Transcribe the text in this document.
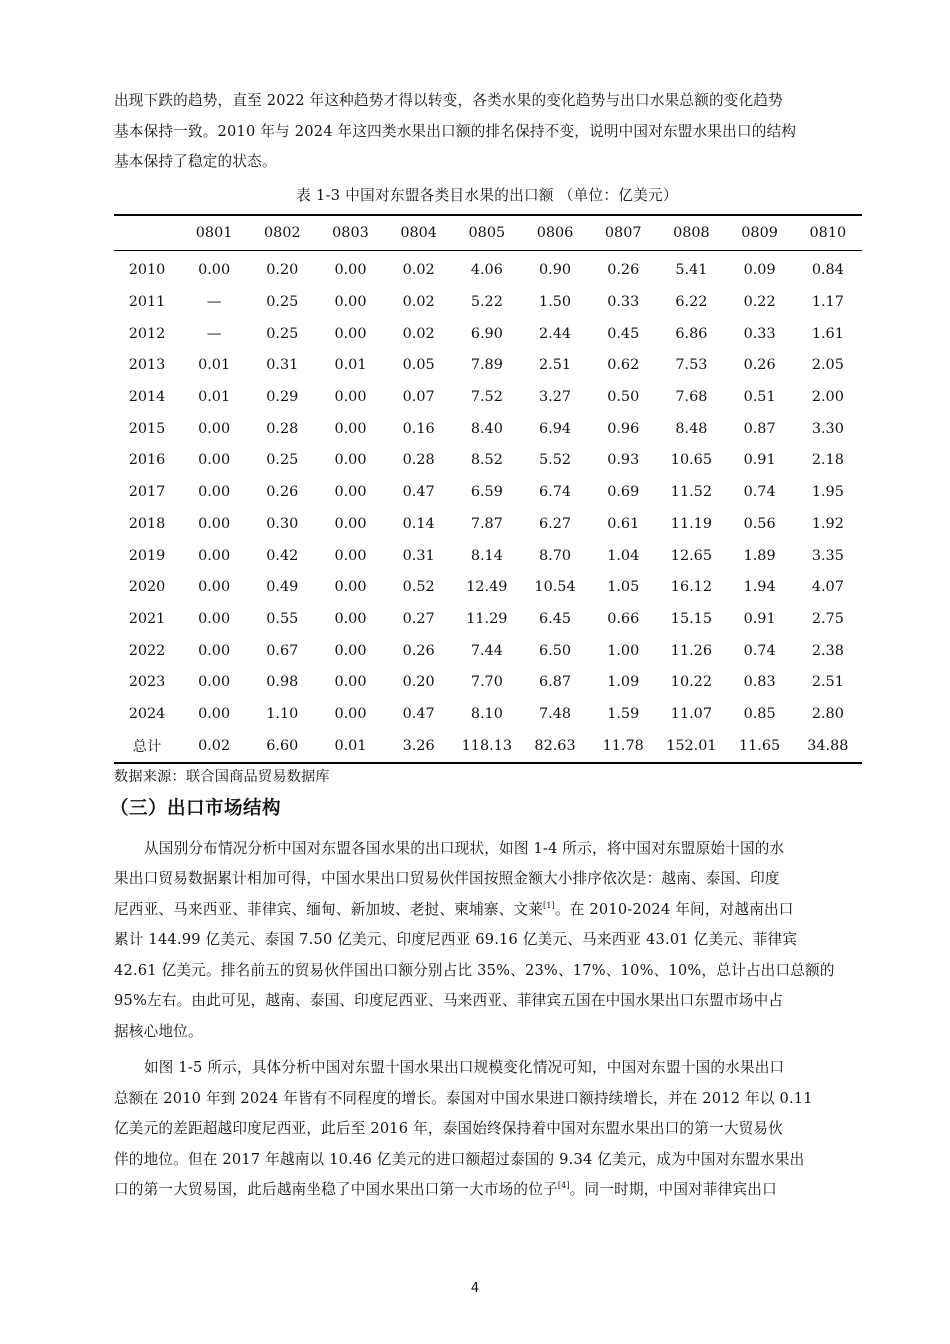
出现下跌的趋势，直至 2022 年这种趋势才得以转变，各类水果的变化趋势与出口水果总额的变化趋势

基本保持一致。2010 年与 2024 年这四类水果出口额的排名保持不变，说明中国对东盟水果出口的结构

基本保持了稳定的状态。

表 1-3 中国对东盟各类目水果的出口额 （单位：亿美元）
	0801	0802	0803	0804	0805	0806	0807	0808	0809	0810
2010	0.00	0.20	0.00	0.02	4.06	0.90	0.26	5.41	0.09	0.84
2011	—	0.25	0.00	0.02	5.22	1.50	0.33	6.22	0.22	1.17
2012	—	0.25	0.00	0.02	6.90	2.44	0.45	6.86	0.33	1.61
2013	0.01	0.31	0.01	0.05	7.89	2.51	0.62	7.53	0.26	2.05
2014	0.01	0.29	0.00	0.07	7.52	3.27	0.50	7.68	0.51	2.00
2015	0.00	0.28	0.00	0.16	8.40	6.94	0.96	8.48	0.87	3.30
2016	0.00	0.25	0.00	0.28	8.52	5.52	0.93	10.65	0.91	2.18
2017	0.00	0.26	0.00	0.47	6.59	6.74	0.69	11.52	0.74	1.95
2018	0.00	0.30	0.00	0.14	7.87	6.27	0.61	11.19	0.56	1.92
2019	0.00	0.42	0.00	0.31	8.14	8.70	1.04	12.65	1.89	3.35
2020	0.00	0.49	0.00	0.52	12.49	10.54	1.05	16.12	1.94	4.07
2021	0.00	0.55	0.00	0.27	11.29	6.45	0.66	15.15	0.91	2.75
2022	0.00	0.67	0.00	0.26	7.44	6.50	1.00	11.26	0.74	2.38
2023	0.00	0.98	0.00	0.20	7.70	6.87	1.09	10.22	0.83	2.51
2024	0.00	1.10	0.00	0.47	8.10	7.48	1.59	11.07	0.85	2.80
总计	0.02	6.60	0.01	3.26	118.13	82.63	11.78	152.01	11.65	34.88
数据来源：联合国商品贸易数据库
（三）出口市场结构

从国别分布情况分析中国对东盟各国水果的出口现状，如图 1-4 所示，将中国对东盟原始十国的水

果出口贸易数据累计相加可得，中国水果出口贸易伙伴国按照金额大小排序依次是：越南、泰国、印度

尼西亚、马来西亚、菲律宾、缅甸、新加坡、老挝、柬埔寨、文莱[1]。在 2010-2024 年间，对越南出口

累计 144.99 亿美元、泰国 7.50 亿美元、印度尼西亚 69.16 亿美元、马来西亚 43.01 亿美元、菲律宾

42.61 亿美元。排名前五的贸易伙伴国出口额分别占比 35%、23%、17%、10%、10%，总计占出口总额的

95%左右。由此可见，越南、泰国、印度尼西亚、马来西亚、菲律宾五国在中国水果出口东盟市场中占

据核心地位。

如图 1-5 所示，具体分析中国对东盟十国水果出口规模变化情况可知，中国对东盟十国的水果出口

总额在 2010 年到 2024 年皆有不同程度的增长。泰国对中国水果进口额持续增长，并在 2012 年以 0.11

亿美元的差距超越印度尼西亚，此后至 2016 年，泰国始终保持着中国对东盟水果出口的第一大贸易伙

伴的地位。但在 2017 年越南以 10.46 亿美元的进口额超过泰国的 9.34 亿美元，成为中国对东盟水果出

口的第一大贸易国，此后越南坐稳了中国水果出口第一大市场的位子[4]。同一时期，中国对菲律宾出口

4
